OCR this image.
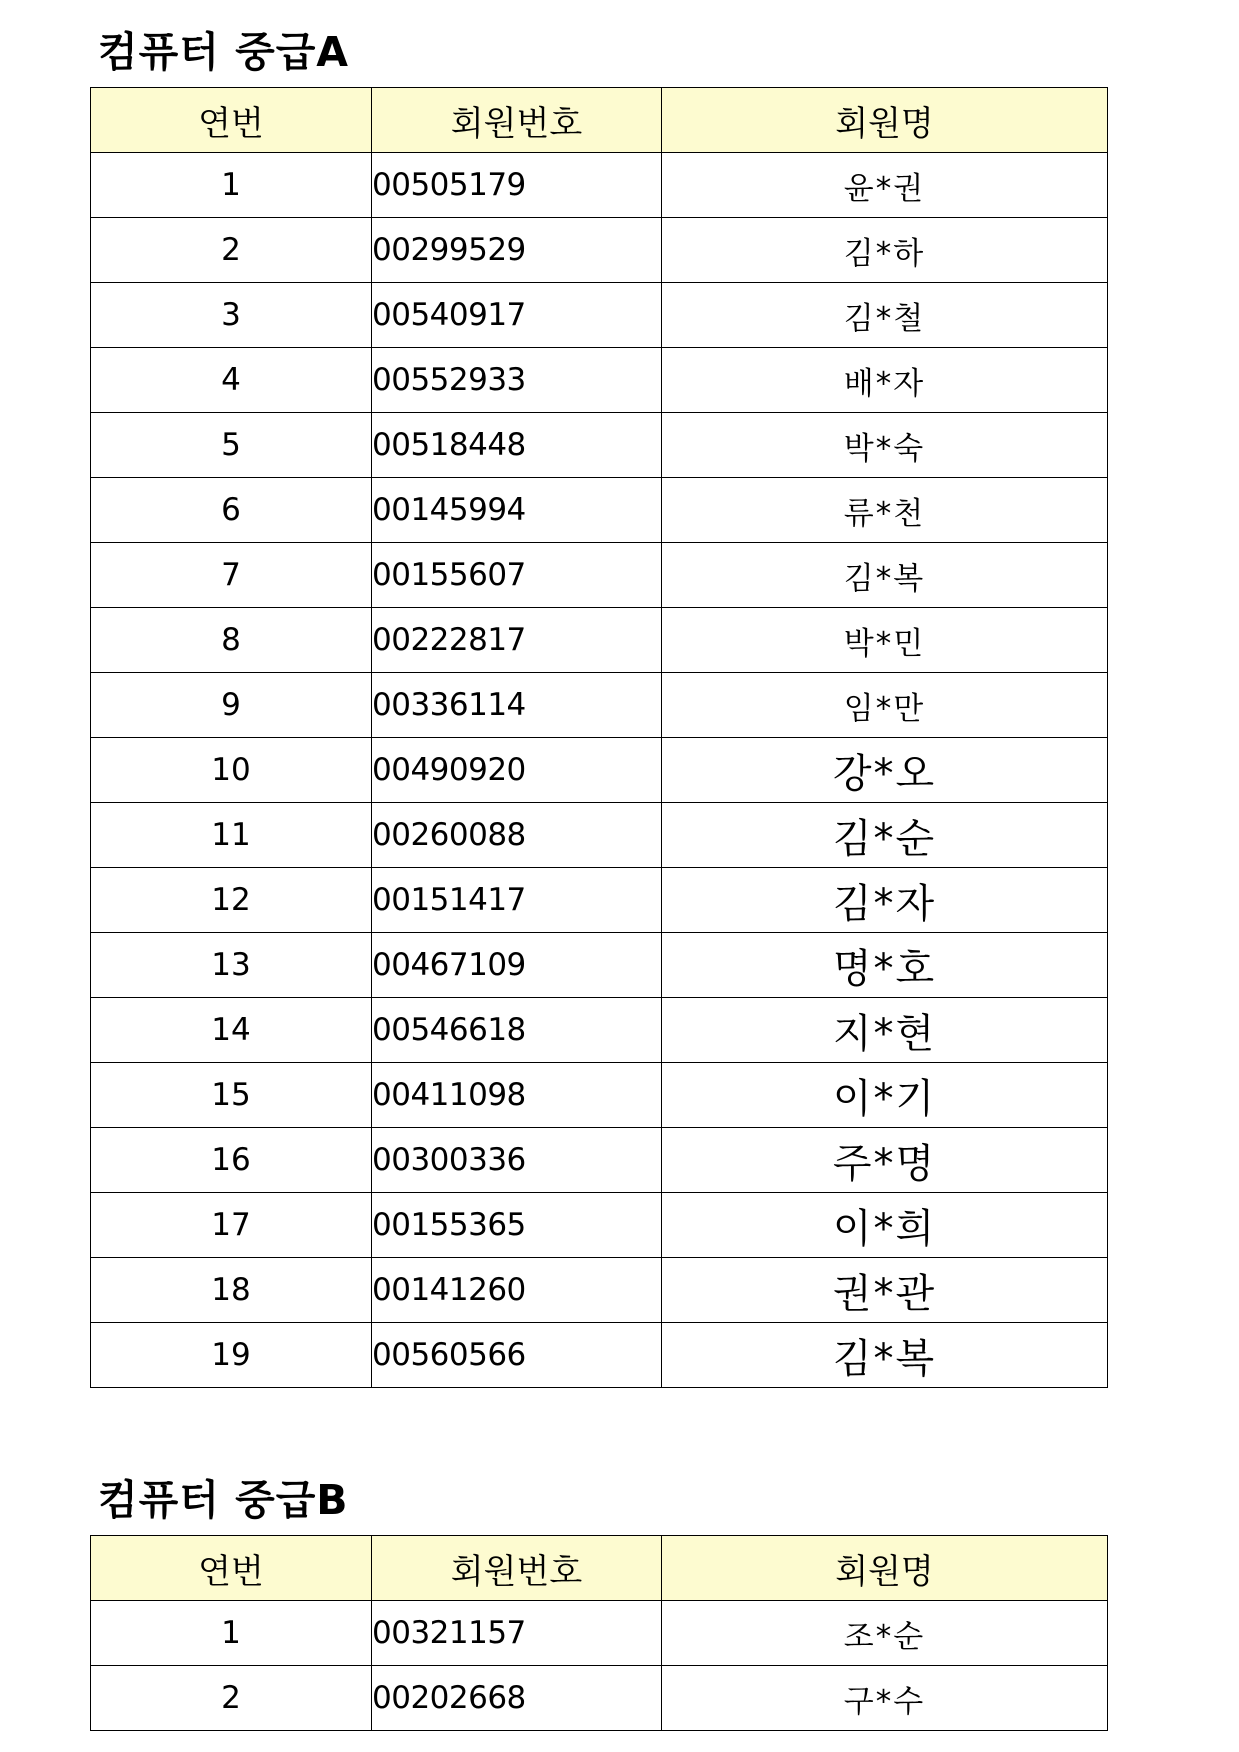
컴퓨터 중급A
연번	회원번호	회원명
1	00505179	윤*권
2	00299529	김*하
3	00540917	김*철
4	00552933	배*자
5	00518448	박*숙
6	00145994	류*천
7	00155607	김*복
8	00222817	박*민
9	00336114	임*만
10	00490920	강*오
11	00260088	김*순
12	00151417	김*자
13	00467109	명*호
14	00546618	지*현
15	00411098	이*기
16	00300336	주*명
17	00155365	이*희
18	00141260	권*관
19	00560566	김*복
컴퓨터 중급B
연번	회원번호	회원명
1	00321157	조*순
2	00202668	구*수
